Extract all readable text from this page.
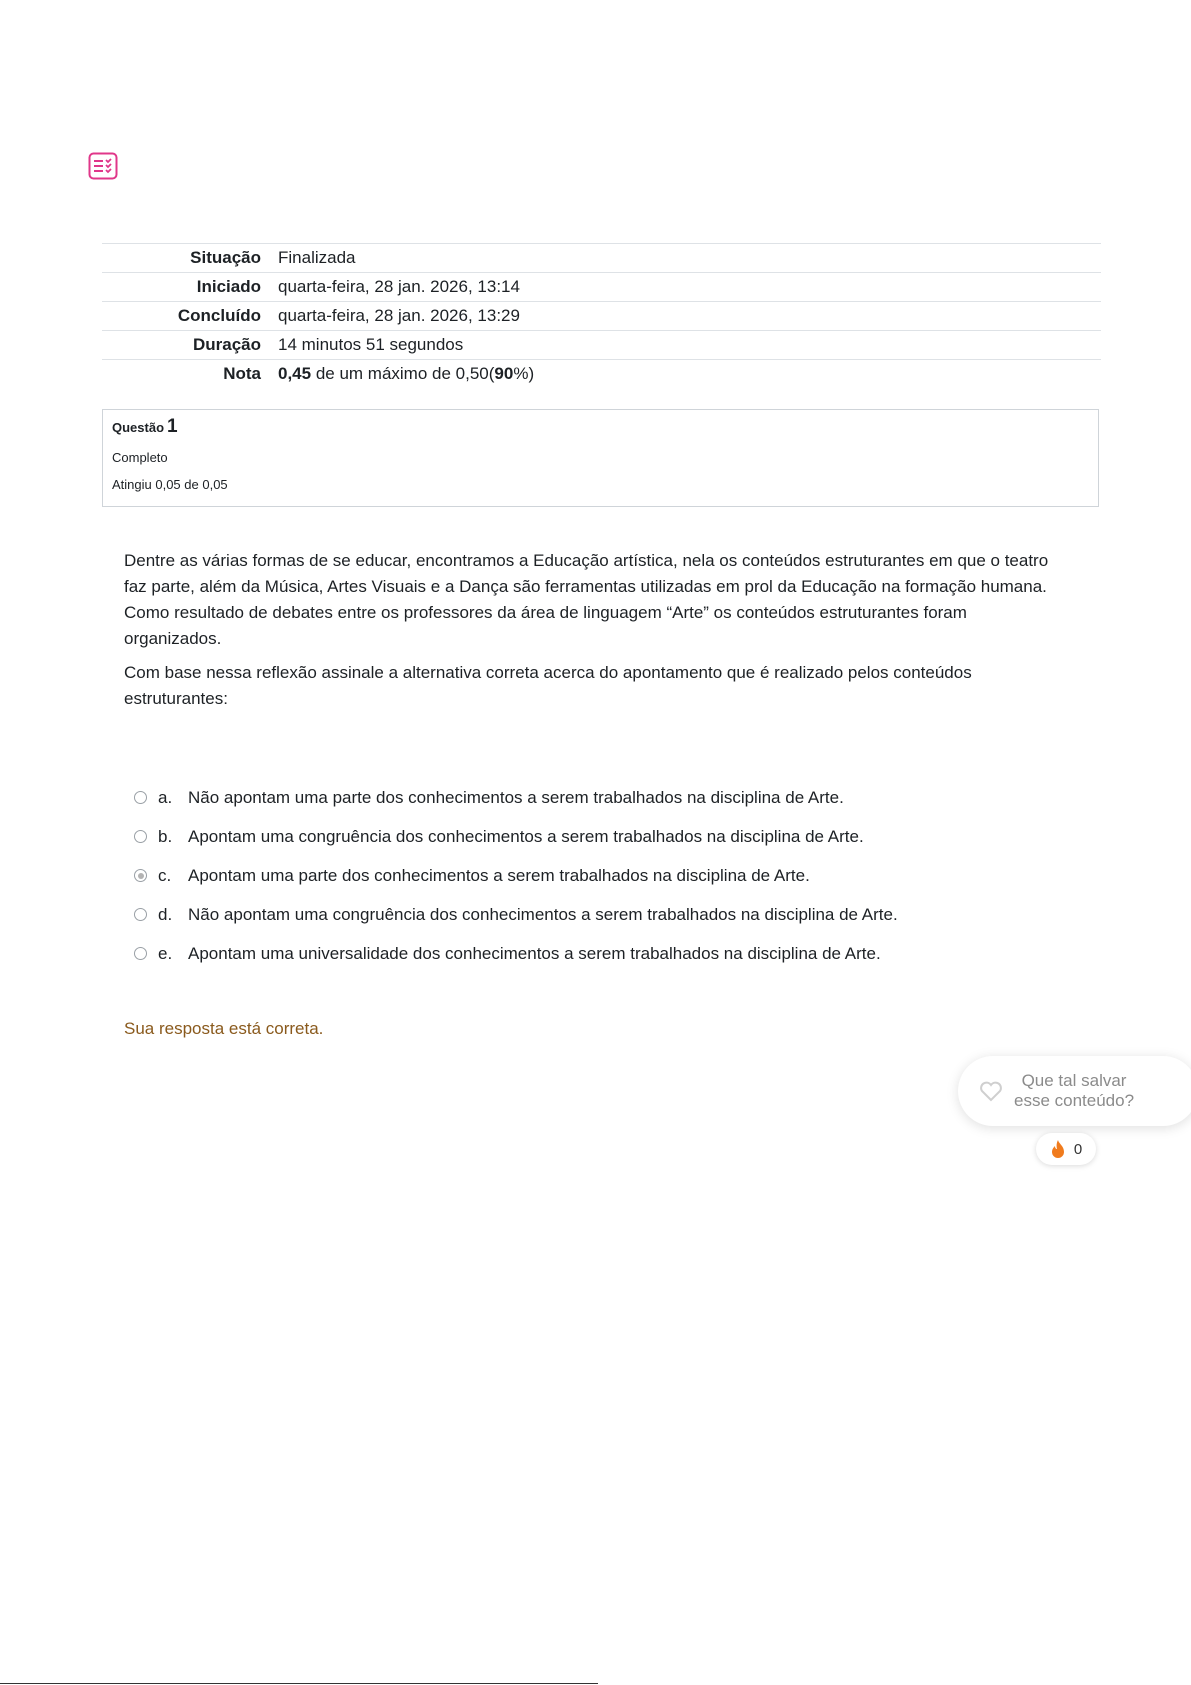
Situação	Finalizada
Iniciado	quarta-feira, 28 jan. 2026, 13:14
Concluído	quarta-feira, 28 jan. 2026, 13:29
Duração	14 minutos 51 segundos
Nota	0,45 de um máximo de 0,50(90%)
Questão 1
Completo
Atingiu 0,05 de 0,05

Dentre as várias formas de se educar, encontramos a Educação artística, nela os conteúdos estruturantes em que o teatro faz parte, além da Música, Artes Visuais e a Dança são ferramentas utilizadas em prol da Educação na formação humana. Como resultado de debates entre os professores da área de linguagem “Arte” os conteúdos estruturantes foram organizados.

Com base nessa reflexão assinale a alternativa correta acerca do apontamento que é realizado pelos conteúdos estruturantes:

a. Não apontam uma parte dos conhecimentos a serem trabalhados na disciplina de Arte.
b. Apontam uma congruência dos conhecimentos a serem trabalhados na disciplina de Arte.
c. Apontam uma parte dos conhecimentos a serem trabalhados na disciplina de Arte.
d. Não apontam uma congruência dos conhecimentos a serem trabalhados na disciplina de Arte.
e. Apontam uma universalidade dos conhecimentos a serem trabalhados na disciplina de Arte.
Sua resposta está correta.
Que tal salvar
esse conteúdo?
0
